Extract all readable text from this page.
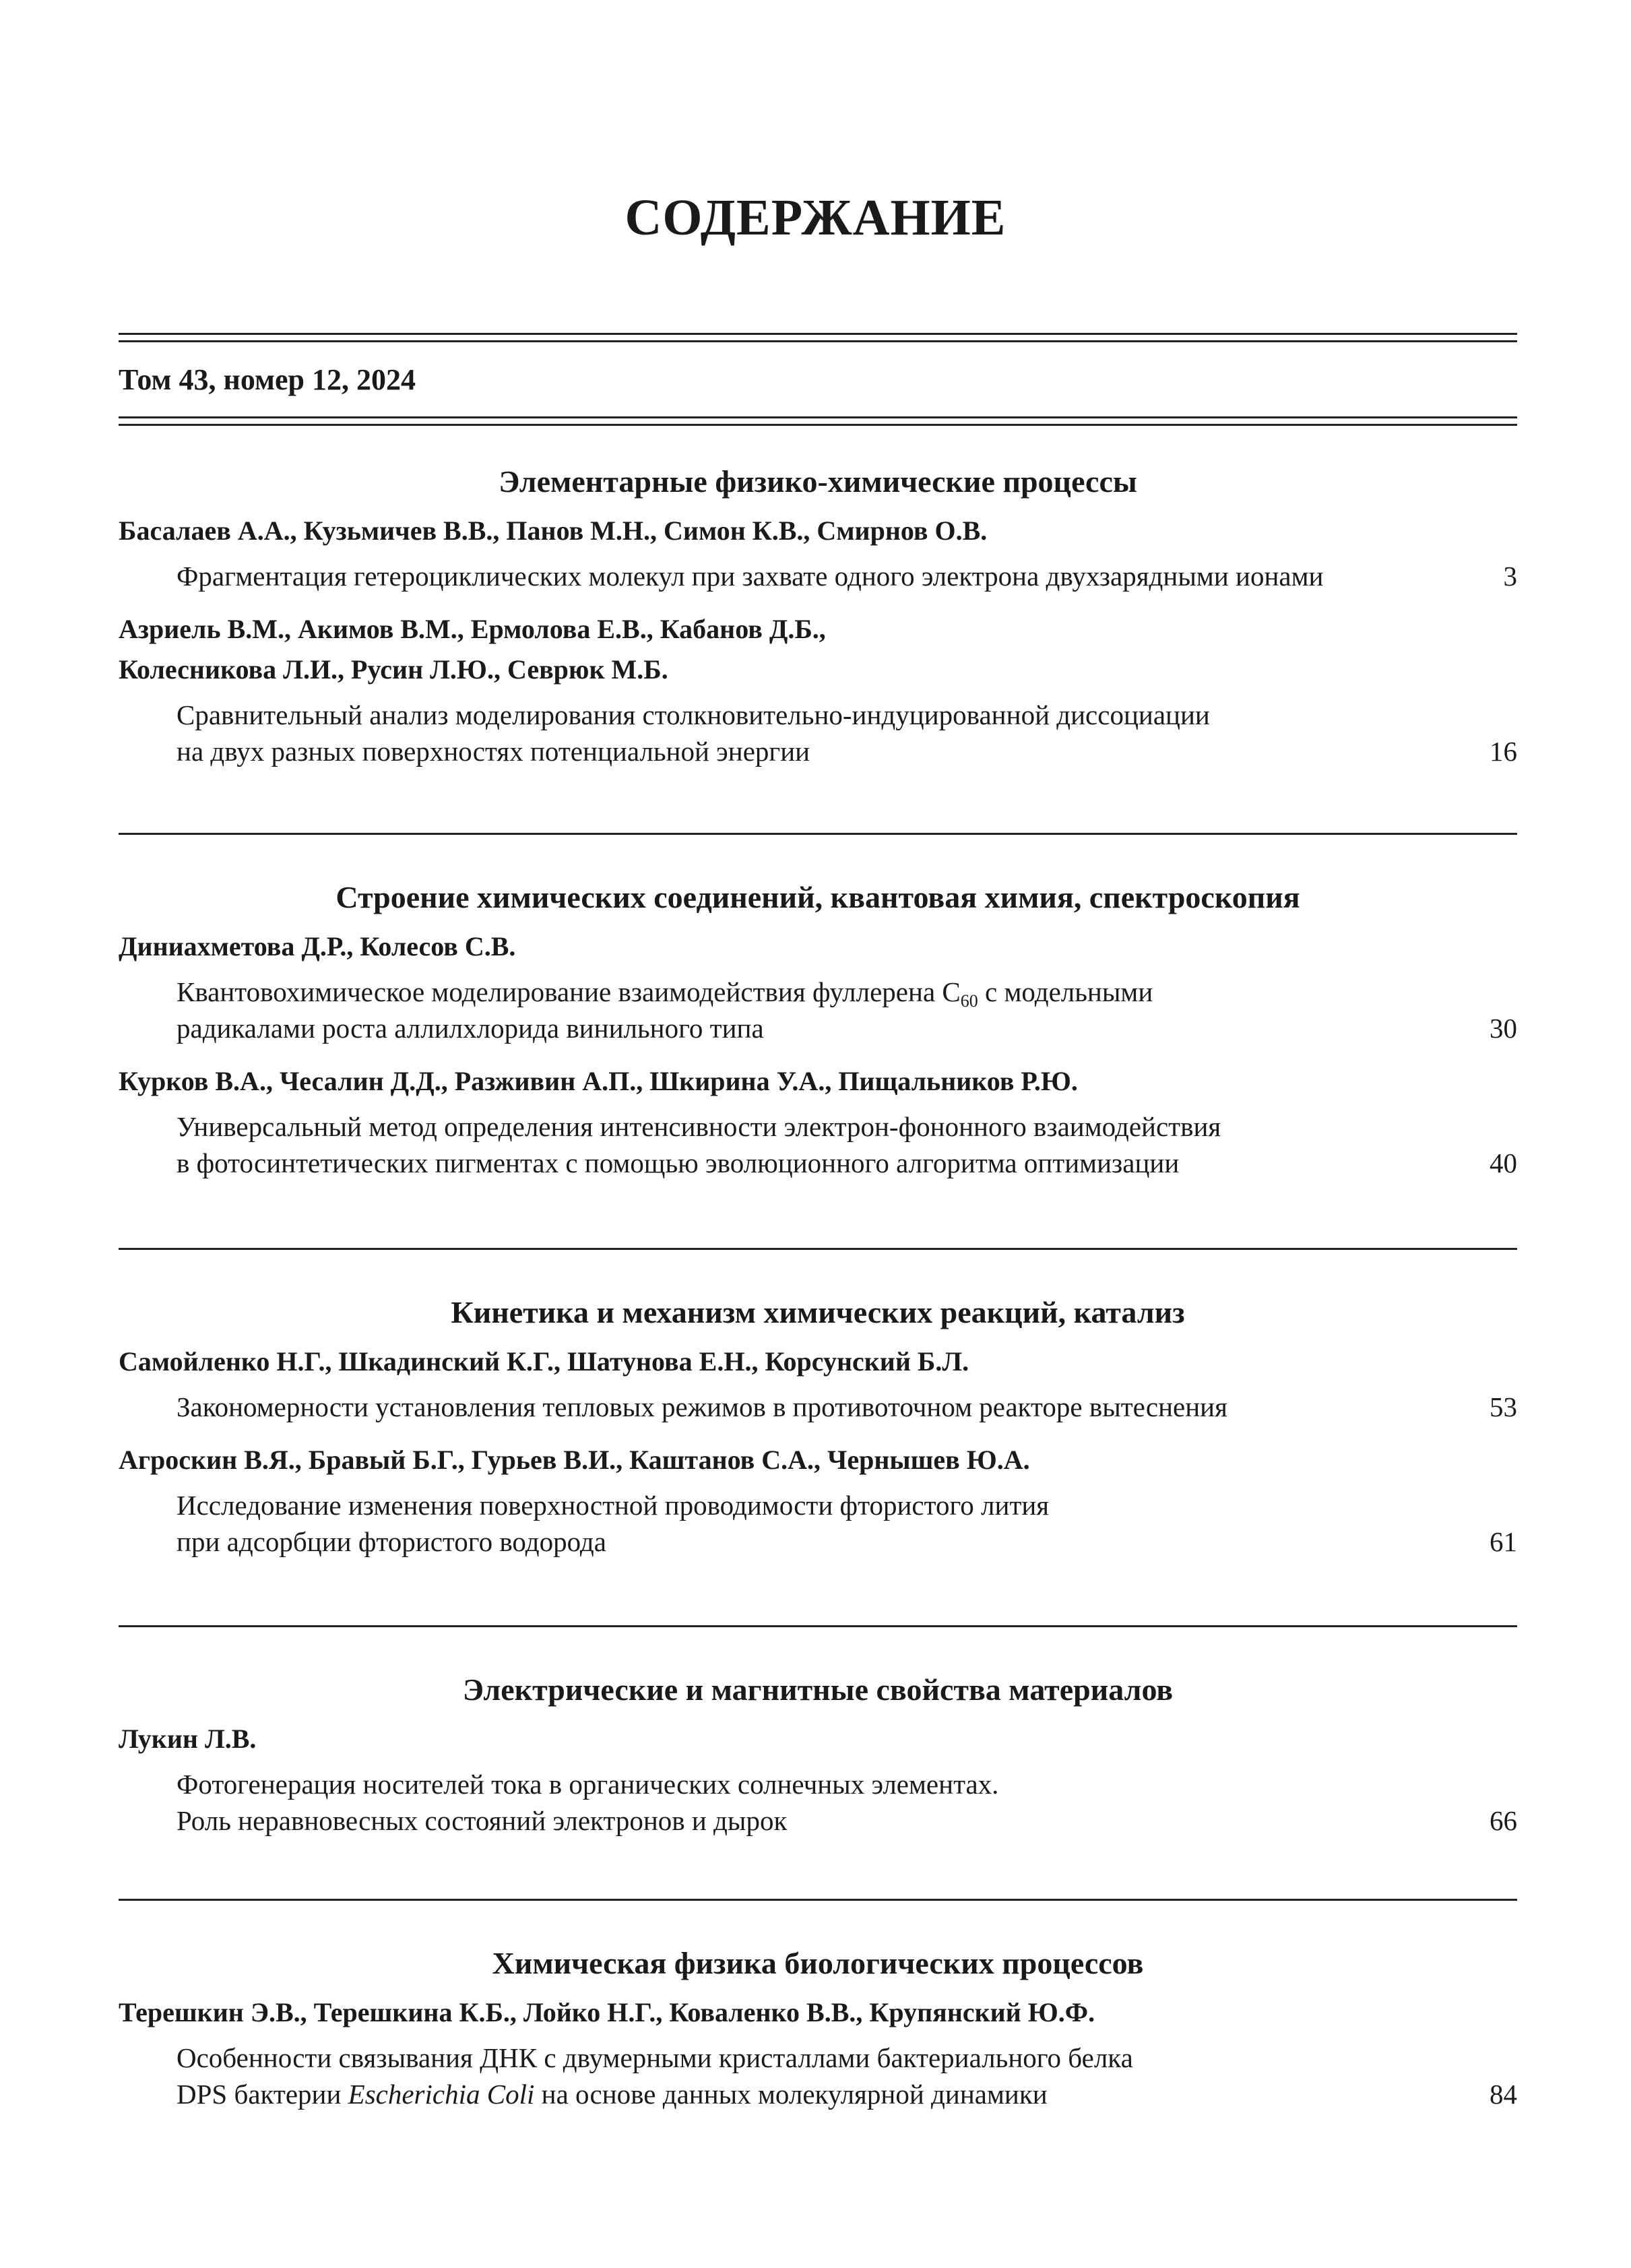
СОДЕРЖАНИЕ
Том 43, номер 12, 2024
Элементарные физико-химические процессы
Басалаев А.А., Кузьмичев В.В., Панов М.Н., Симон К.В., Смирнов О.В.
Фрагментация гетероциклических молекул при захвате одного электрона двухзарядными ионами	3
Азриель В.М., Акимов В.М., Ермолова Е.В., Кабанов Д.Б.,
Колесникова Л.И., Русин Л.Ю., Севрюк М.Б.
Сравнительный анализ моделирования столкновительно-индуцированной диссоциации
на двух разных поверхностях потенциальной энергии	16
Строение химических соединений, квантовая химия, спектроскопия
Диниахметова Д.Р., Колесов С.В.
Квантовохимическое моделирование взаимодействия фуллерена $C_{60}$ с модельными
радикалами роста аллилхлорида винильного типа	30
Курков В.А., Чесалин Д.Д., Разживин А.П., Шкирина У.А., Пищальников Р.Ю.
Универсальный метод определения интенсивности электрон-фононного взаимодействия
в фотосинтетических пигментах с помощью эволюционного алгоритма оптимизации	40
Кинетика и механизм химических реакций, катализ
Самойленко Н.Г., Шкадинский К.Г., Шатунова Е.Н., Корсунский Б.Л.
Закономерности установления тепловых режимов в противоточном реакторе вытеснения	53
Агроскин В.Я., Бравый Б.Г., Гурьев В.И., Каштанов С.А., Чернышев Ю.А.
Исследование изменения поверхностной проводимости фтористого лития
при адсорбции фтористого водорода	61
Электрические и магнитные свойства материалов
Лукин Л.В.
Фотогенерация носителей тока в органических солнечных элементах.
Роль неравновесных состояний электронов и дырок	66
Химическая физика биологических процессов
Терешкин Э.В., Терешкина К.Б., Лойко Н.Г., Коваленко В.В., Крупянский Ю.Ф.
Особенности связывания ДНК с двумерными кристаллами бактериального белка
DPS бактерии Escherichia Coli на основе данных молекулярной динамики	84
